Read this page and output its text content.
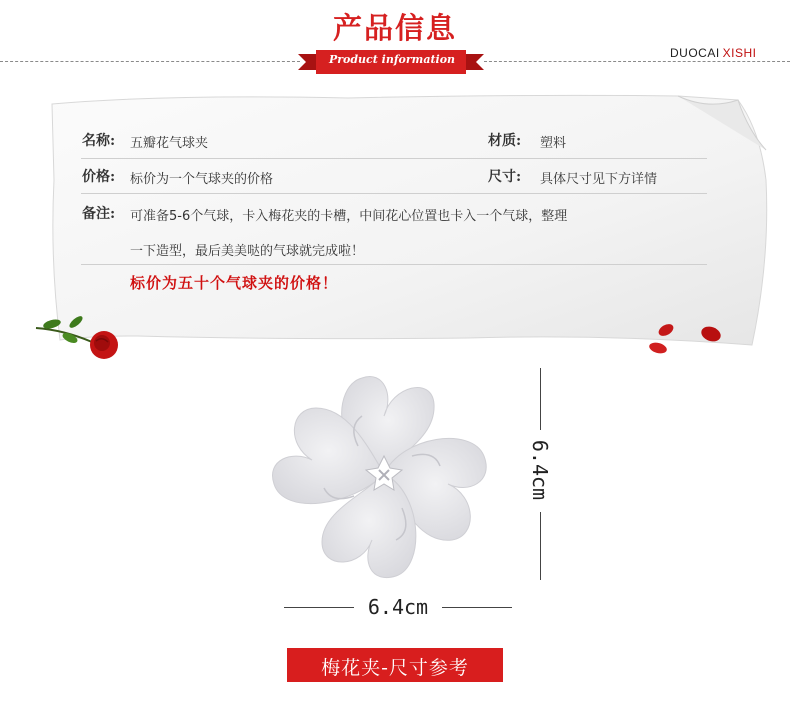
产品信息
Product information	DUOCAI XISHI
名称: 五瓣花气球夹	材质: 塑料
价格: 标价为一个气球夹的价格	尺寸: 具体尺寸见下方详情
备注: 可准备5-6个气球，卡入梅花夹的卡槽，中间花心位置也卡入一个气球，整理
一下造型，最后美美哒的气球就完成啦！
标价为五十个气球夹的价格！
6.4cm
6.4cm
梅花夹-尺寸参考
